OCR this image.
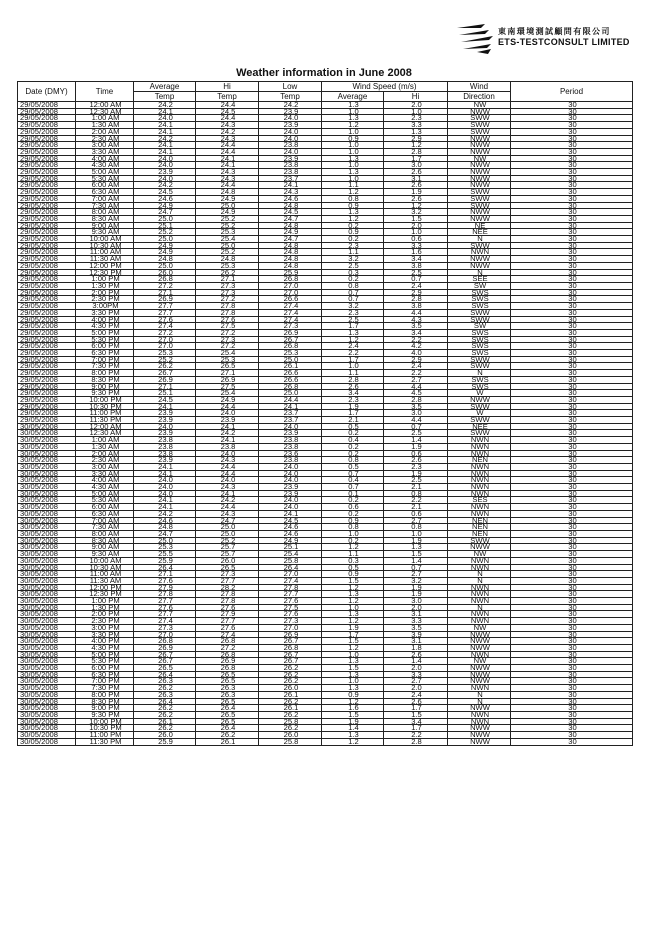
東南環境測試顧問有限公司
ETS-TESTCONSULT LIMITED
Weather information in June 2008
Date (DMY)	Time	Average	Hi	Low	Wind Speed (m/s)		Wind	Period
		Temp	Temp	Temp	Average	Hi	Direction	
29/05/2008	12:00 AM	24.2	24.4	24.2	1.3	2.0	NW	30
29/05/2008	12:30 AM	24.1	24.5	23.9	1.0	1.0	NWW	30
29/05/2008	1:00 AM	24.0	24.4	24.0	1.3	2.3	SWW	30
29/05/2008	1:30 AM	24.1	24.3	23.9	1.2	3.3	SWW	30
29/05/2008	2:00 AM	24.1	24.2	24.0	1.0	1.3	SWW	30
29/05/2008	2:30 AM	24.2	24.3	24.0	0.9	2.9	NWW	30
29/05/2008	3:00 AM	24.1	24.4	23.8	1.0	1.2	NWW	30
29/05/2008	3:30 AM	24.1	24.4	24.0	1.0	2.8	NWW	30
29/05/2008	4:00 AM	24.0	24.1	23.9	1.3	1.7	NW	30
29/05/2008	4:30 AM	24.0	24.1	23.8	1.0	3.0	NWW	30
29/05/2008	5:00 AM	23.9	24.3	23.8	1.3	2.6	NWW	30
29/05/2008	5:30 AM	24.0	24.3	23.7	1.0	3.1	NWW	30
29/05/2008	6:00 AM	24.2	24.4	24.1	1.1	2.6	NWW	30
29/05/2008	6:30 AM	24.5	24.8	24.3	1.2	1.9	SWW	30
29/05/2008	7:00 AM	24.6	24.9	24.6	0.8	2.6	SWW	30
29/05/2008	7:30 AM	24.9	25.0	24.8	0.9	1.2	SWW	30
29/05/2008	8:00 AM	24.7	24.9	24.5	1.3	3.2	NWW	30
29/05/2008	8:30 AM	25.0	25.2	24.7	1.2	1.5	NWW	30
29/05/2008	9:00 AM	25.1	25.2	24.8	0.2	2.0	NE	30
29/05/2008	9:30 AM	25.2	25.3	24.9	0.9	1.0	NEE	30
29/05/2008	10:00 AM	25.0	25.4	24.7	0.2	0.6	N	30
29/05/2008	10:30 AM	24.9	25.0	24.8	2.3	3.3	SWW	30
29/05/2008	11:00 AM	24.9	25.2	24.8	1.1	1.6	NWN	30
29/05/2008	11:30 AM	24.8	24.8	24.8	3.2	3.4	NWW	30
29/05/2008	12:00 PM	25.0	25.3	24.8	2.5	3.8	NWW	30
29/05/2008	12:30 PM	26.0	26.2	25.9	0.3	2.5	N	30
29/05/2008	1:00 PM	26.8	27.1	26.8	0.2	0.7	SEE	30
29/05/2008	1:30 PM	27.2	27.3	27.0	0.8	2.4	SW	30
29/05/2008	2:00 PM	27.1	27.3	27.0	0.7	2.9	SWS	30
29/05/2008	2:30 PM	26.9	27.2	26.6	0.7	2.8	SWS	30
29/05/2008	3:00PM	27.7	27.8	27.4	3.2	3.8	SWS	30
29/05/2008	3:30 PM	27.7	27.8	27.4	2.3	4.4	SWW	30
29/05/2008	4:00 PM	27.6	27.6	27.4	2.5	4.3	SWW	30
29/05/2008	4:30 PM	27.4	27.5	27.3	1.7	3.5	SW	30
29/05/2008	5:00 PM	27.2	27.2	26.9	1.3	3.4	SWS	30
29/05/2008	5:30 PM	27.0	27.3	26.7	1.2	2.2	SWS	30
29/05/2008	6:00 PM	27.0	27.2	26.8	2.4	4.2	SWS	30
29/05/2008	6:30 PM	25.3	25.4	25.3	2.2	4.0	SWS	30
29/05/2008	7:00 PM	25.2	25.3	25.0	1.7	2.9	SWW	30
29/05/2008	7:30 PM	26.2	26.5	26.1	1.0	2.4	SWW	30
29/05/2008	8:00 PM	26.7	27.1	26.6	1.1	2.2	N	30
29/05/2008	8:30 PM	26.9	26.9	26.6	2.8	2.7	SWS	30
29/05/2008	9:00 PM	27.1	27.5	26.8	2.6	4.4	SWS	30
29/05/2008	9:30 PM	25.1	25.4	25.0	3.4	4.5	W	30
29/05/2008	10:00 PM	24.5	24.9	24.4	2.3	2.8	NWW	30
29/05/2008	10:30 PM	24.1	24.4	24.1	1.9	3.5	SWW	30
29/05/2008	11:00 PM	23.9	24.0	23.7	1.7	3.0	W	30
29/05/2008	11:30 PM	23.9	23.9	23.7	2.1	4.4	SWW	30
30/05/2008	12:00 AM	24.0	24.1	24.0	0.5	0.7	NEE	30
30/05/2008	12:30 AM	23.9	24.2	23.9	0.2	2.5	SWW	30
30/05/2008	1:00 AM	23.8	24.1	23.8	0.4	1.4	NWN	30
30/05/2008	1:30 AM	23.8	23.8	23.8	0.2	1.9	NWN	30
30/05/2008	2:00 AM	23.8	24.0	23.6	0.2	0.6	NWN	30
30/05/2008	2:30 AM	23.9	24.3	23.8	0.8	2.6	NEN	30
30/05/2008	3:00 AM	24.1	24.4	24.0	0.5	2.3	NWN	30
30/05/2008	3:30 AM	24.1	24.4	24.0	0.7	1.9	NWN	30
30/05/2008	4:00 AM	24.0	24.0	24.0	0.4	2.5	NWN	30
30/05/2008	4:30 AM	24.0	24.3	23.9	0.7	2.1	NWN	30
30/05/2008	5:00 AM	24.0	24.1	23.9	0.1	0.8	NWN	30
30/05/2008	5:30 AM	24.1	24.2	24.0	0.2	2.2	SES	30
30/05/2008	6:00 AM	24.1	24.4	24.0	0.6	2.1	NWN	30
30/05/2008	6:30 AM	24.2	24.3	24.1	0.2	0.6	NWN	30
30/05/2008	7:00 AM	24.6	24.7	24.5	0.9	2.7	NEN	30
30/05/2008	7:30 AM	24.8	25.0	24.6	0.8	0.8	NEN	30
30/05/2008	8:00 AM	24.7	25.0	24.6	1.0	1.0	NEN	30
30/05/2008	8:30 AM	25.0	25.2	24.9	0.2	1.9	SWW	30
30/05/2008	9:00 AM	25.3	25.7	25.1	1.2	1.3	NWW	30
30/05/2008	9:30 AM	25.5	25.7	25.4	1.1	1.5	NW	30
30/05/2008	10:00 AM	25.9	26.0	25.8	0.3	1.4	NWN	30
30/05/2008	10:30 AM	26.4	26.5	26.4	0.5	0.7	NWN	30
30/05/2008	11:00 AM	27.1	27.3	27.0	0.9	2.7	N	30
30/05/2008	11:30 AM	27.6	27.7	27.4	1.5	3.2	N	30
30/05/2008	12:00 PM	27.9	28.2	27.8	1.2	1.9	NWN	30
30/05/2008	12:30 PM	27.8	27.8	27.7	1.3	1.9	NWN	30
30/05/2008	1:00 PM	27.7	27.8	27.6	1.2	3.0	NWN	30
30/05/2008	1:30 PM	27.6	27.6	27.5	1.0	2.0	N	30
30/05/2008	2:00 PM	27.7	27.9	27.6	1.3	3.1	NWN	30
30/05/2008	2:30 PM	27.4	27.7	27.3	1.2	3.3	NWN	30
30/05/2008	3:00 PM	27.3	27.6	27.0	1.9	3.5	NW	30
30/05/2008	3:30 PM	27.0	27.4	26.9	1.7	3.9	NWW	30
30/05/2008	4:00 PM	26.8	26.8	26.7	1.5	3.1	NWW	30
30/05/2008	4:30 PM	26.9	27.2	26.8	1.2	1.8	NWW	30
30/05/2008	5:00 PM	26.7	26.8	26.7	1.0	2.6	NWN	30
30/05/2008	5:30 PM	26.7	26.9	26.7	1.3	1.4	NW	30
30/05/2008	6:00 PM	26.5	26.8	26.2	1.5	2.0	NWW	30
30/05/2008	6:30 PM	26.4	26.5	26.2	1.3	3.3	NWW	30
30/05/2008	7:00 PM	26.3	26.5	26.2	1.0	2.7	NWW	30
30/05/2008	7:30 PM	26.2	26.3	26.0	1.3	2.0	NWN	30
30/05/2008	8:00 PM	26.3	26.3	26.1	0.9	2.4	N	30
30/05/2008	8:30 PM	26.4	26.5	26.2	1.2	2.6	N	30
30/05/2008	9:00 PM	26.2	26.4	26.1	1.6	1.7	NWW	30
30/05/2008	9:30 PM	26.2	26.5	26.2	1.5	1.5	NWN	30
30/05/2008	10:00 PM	26.1	26.5	25.8	1.9	3.4	NWN	30
30/05/2008	10:30 PM	26.2	26.4	26.2	1.4	1.7	NWW	30
30/05/2008	11:00 PM	26.0	26.2	26.0	1.3	2.2	NWW	30
30/05/2008	11:30 PM	25.9	26.1	25.8	1.2	2.8	NWW	30
